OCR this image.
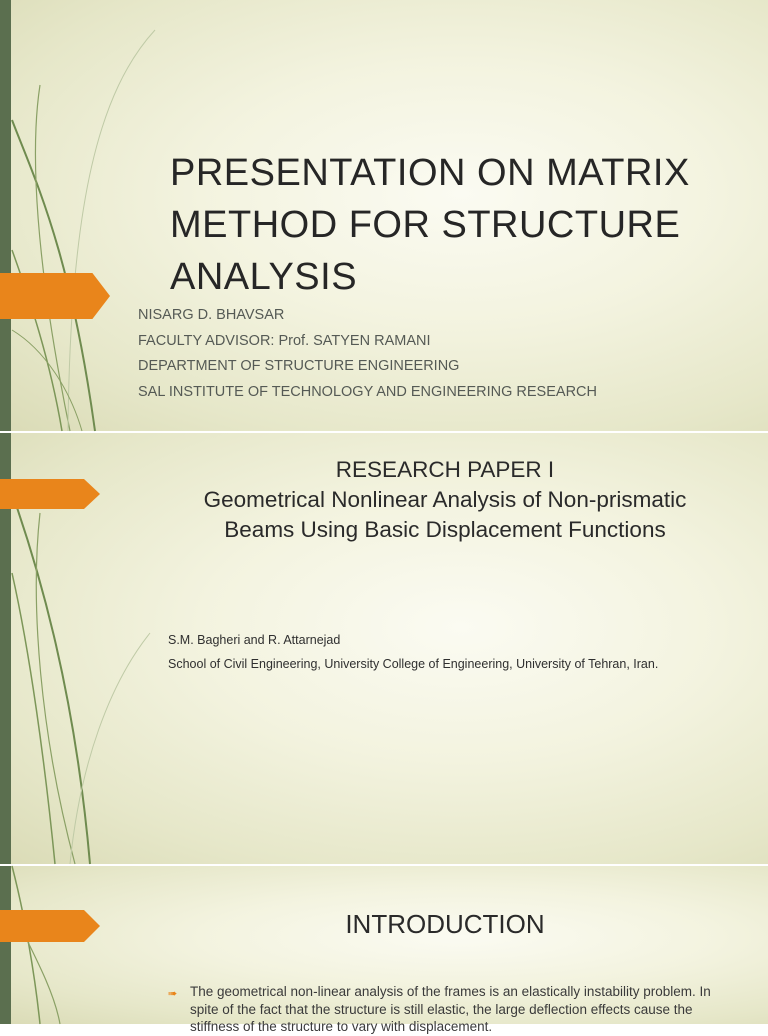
PRESENTATION ON MATRIX METHOD FOR STRUCTURE ANALYSIS
NISARG D. BHAVSAR
FACULTY ADVISOR: Prof. SATYEN RAMANI
DEPARTMENT OF STRUCTURE ENGINEERING
SAL INSTITUTE OF TECHNOLOGY AND ENGINEERING RESEARCH
RESEARCH PAPER I
Geometrical Nonlinear Analysis of Non-prismatic Beams Using Basic Displacement Functions
S.M. Bagheri and R. Attarnejad
School of Civil Engineering, University College of Engineering, University of Tehran, Iran.
INTRODUCTION
➠ The geometrical non-linear analysis of the frames is an elastically instability problem. In spite of the fact that the structure is still elastic, the large deflection effects cause the stiffness of the structure to vary with displacement.
